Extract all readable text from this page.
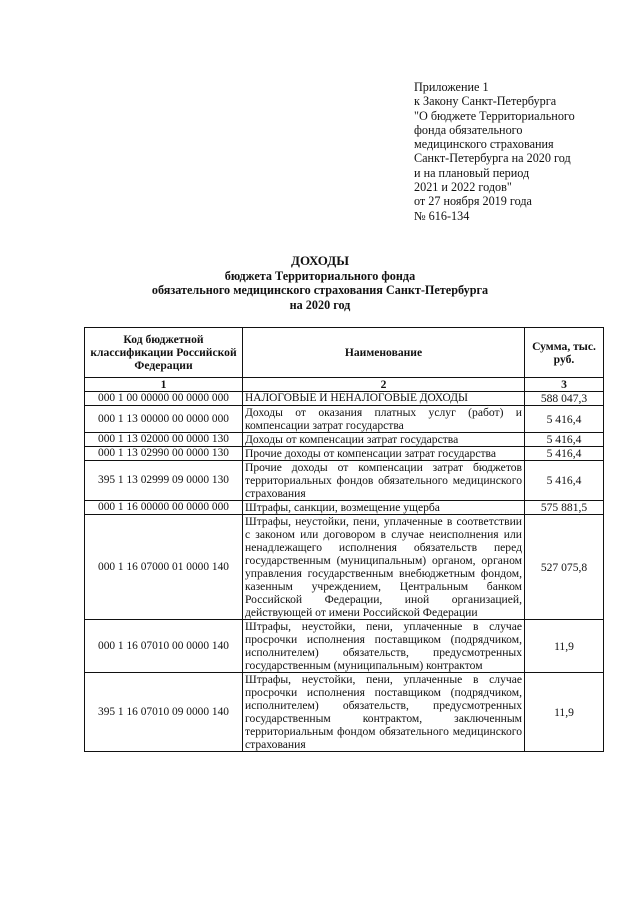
Приложение 1
к Закону Санкт-Петербурга
"О бюджете Территориального
фонда обязательного
медицинского страхования
Санкт-Петербурга на 2020 год
и на плановый период
2021 и 2022 годов"
от 27 ноября 2019 года
№ 616-134
ДОХОДЫ
бюджета Территориального фонда
обязательного медицинского страхования Санкт-Петербурга
на 2020 год
Код бюджетной классификации Российской Федерации	Наименование	Сумма, тыс. руб.
1	2	3
000 1 00 00000 00 0000 000	НАЛОГОВЫЕ И НЕНАЛОГОВЫЕ ДОХОДЫ	588 047,3
000 1 13 00000 00 0000 000	Доходы от оказания платных услуг (работ) и компенсации затрат государства	5 416,4
000 1 13 02000 00 0000 130	Доходы от компенсации затрат государства	5 416,4
000 1 13 02990 00 0000 130	Прочие доходы от компенсации затрат государства	5 416,4
395 1 13 02999 09 0000 130	Прочие доходы от компенсации затрат бюджетов территориальных фондов обязательного медицинского страхования	5 416,4
000 1 16 00000 00 0000 000	Штрафы, санкции, возмещение ущерба	575 881,5
000 1 16 07000 01 0000 140	Штрафы, неустойки, пени, уплаченные в соответствии с законом или договором в случае неисполнения или ненадлежащего исполнения обязательств перед государственным (муниципальным) органом, органом управления государственным внебюджетным фондом, казенным учреждением, Центральным банком Российской Федерации, иной организацией, действующей от имени Российской Федерации	527 075,8
000 1 16 07010 00 0000 140	Штрафы, неустойки, пени, уплаченные в случае просрочки исполнения поставщиком (подрядчиком, исполнителем) обязательств, предусмотренных государственным (муниципальным) контрактом	11,9
395 1 16 07010 09 0000 140	Штрафы, неустойки, пени, уплаченные в случае просрочки исполнения поставщиком (подрядчиком, исполнителем) обязательств, предусмотренных государственным контрактом, заключенным территориальным фондом обязательного медицинского страхования	11,9
